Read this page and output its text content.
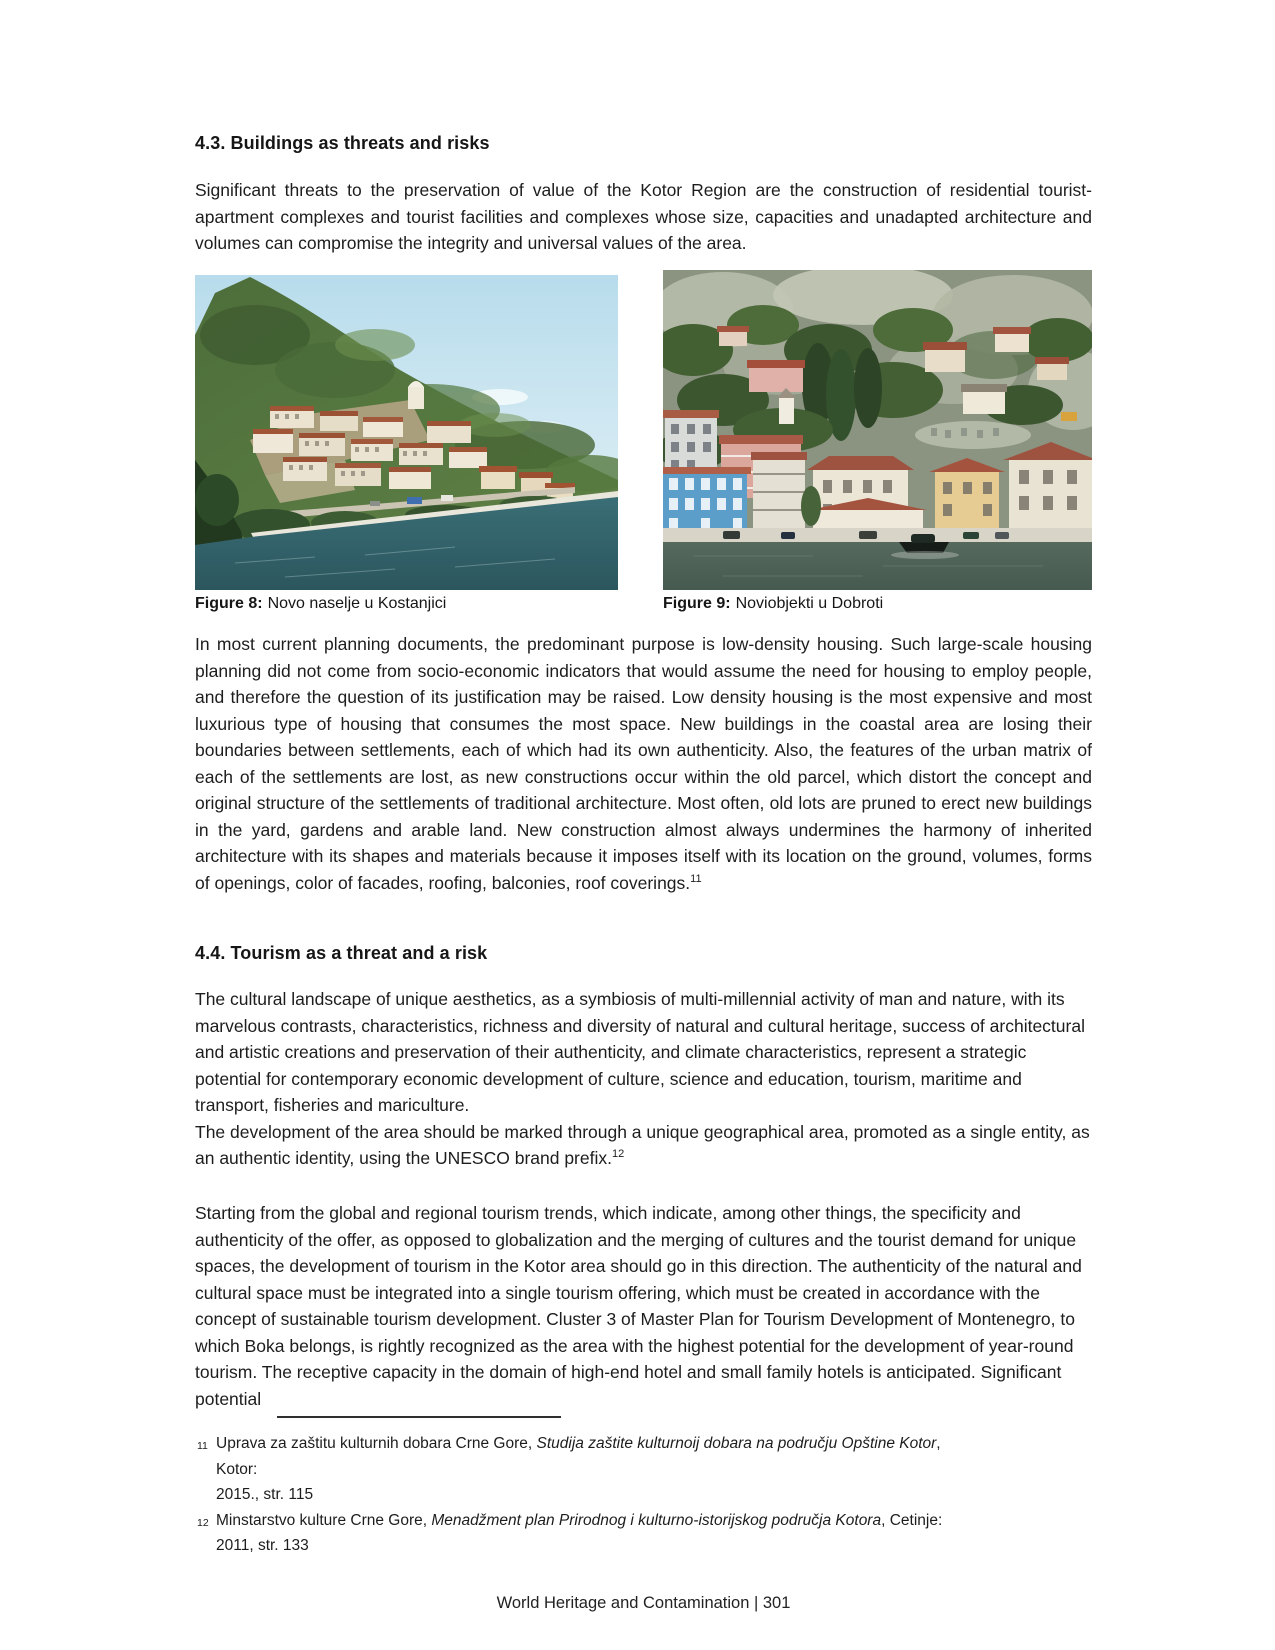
4.3. Buildings as threats and risks

Significant threats to the preservation of value of the Kotor Region are the construction of residential tourist-apartment complexes and tourist facilities and complexes whose size, capacities and unadapted architecture and volumes can compromise the integrity and universal values of the area.

Figure 8: Novo naselje u Kostanjici	Figure 9: Noviobjekti u Dobroti

In most current planning documents, the predominant purpose is low-density housing. Such large-scale housing planning did not come from socio-economic indicators that would assume the need for housing to employ people, and therefore the question of its justification may be raised. Low density housing is the most expensive and most luxurious type of housing that consumes the most space. New buildings in the coastal area are losing their boundaries between settlements, each of which had its own authenticity. Also, the features of the urban matrix of each of the settlements are lost, as new constructions occur within the old parcel, which distort the concept and original structure of the settlements of traditional architecture. Most often, old lots are pruned to erect new buildings in the yard, gardens and arable land. New construction almost always undermines the harmony of inherited architecture with its shapes and materials because it imposes itself with its location on the ground, volumes, forms of openings, color of facades, roofing, balconies, roof coverings.$^{11}$

4.4. Tourism as a threat and a risk

The cultural landscape of unique aesthetics, as a symbiosis of multi-millennial activity of man and nature, with its marvelous contrasts, characteristics, richness and diversity of natural and cultural heritage, success of architectural and artistic creations and preservation of their authenticity, and climate characteristics, represent a strategic potential for contemporary economic development of culture, science and education, tourism, maritime and transport, fisheries and mariculture.
The development of the area should be marked through a unique geographical area, promoted as a single entity, as an authentic identity, using the UNESCO brand prefix.$^{12}$

Starting from the global and regional tourism trends, which indicate, among other things, the specificity and authenticity of the offer, as opposed to globalization and the merging of cultures and the tourist demand for unique spaces, the development of tourism in the Kotor area should go in this direction. The authenticity of the natural and cultural space must be integrated into a single tourism offering, which must be created in accordance with the concept of sustainable tourism development. Cluster 3 of Master Plan for Tourism Development of Montenegro, to which Boka belongs, is rightly recognized as the area with the highest potential for the development of year-round tourism. The receptive capacity in the domain of high-end hotel and small family hotels is anticipated. Significant potential

11 Uprava za zaštitu kulturnih dobara Crne Gore, Studija zaštite kulturnoij dobara na području Opštine Kotor,
Kotor:
2015., str. 115
12 Minstarstvo kulture Crne Gore, Menadžment plan Prirodnog i kulturno-istorijskog područja Kotora, Cetinje:
2011, str. 133
World Heritage and Contamination | 301
